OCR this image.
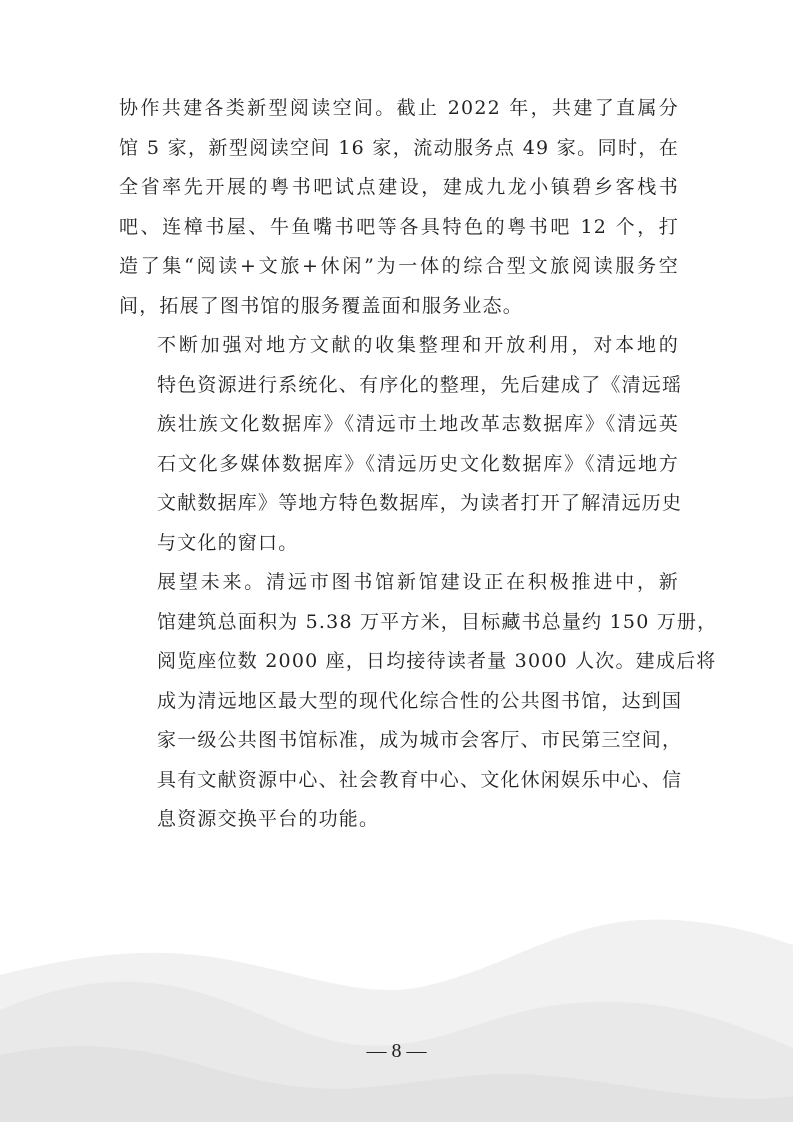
协作共建各类新型阅读空间。截止 2022 年，共建了直属分
馆 5 家，新型阅读空间 16 家，流动服务点 49 家。同时，在
全省率先开展的粤书吧试点建设，建成九龙小镇碧乡客栈书
吧、连樟书屋、牛鱼嘴书吧等各具特色的粤书吧 12 个，打
造了集“阅读+文旅+休闲”为一体的综合型文旅阅读服务空
间，拓展了图书馆的服务覆盖面和服务业态。

不断加强对地方文献的收集整理和开放利用，对本地的
特色资源进行系统化、有序化的整理，先后建成了《清远瑶
族壮族文化数据库》《清远市土地改革志数据库》《清远英
石文化多媒体数据库》《清远历史文化数据库》《清远地方
文献数据库》等地方特色数据库，为读者打开了解清远历史
与文化的窗口。

展望未来。清远市图书馆新馆建设正在积极推进中，新
馆建筑总面积为 5.38 万平方米，目标藏书总量约 150 万册，
阅览座位数 2000 座，日均接待读者量 3000 人次。建成后将
成为清远地区最大型的现代化综合性的公共图书馆，达到国
家一级公共图书馆标准，成为城市会客厅、市民第三空间，
具有文献资源中心、社会教育中心、文化休闲娱乐中心、信
息资源交换平台的功能。

— 8 —
